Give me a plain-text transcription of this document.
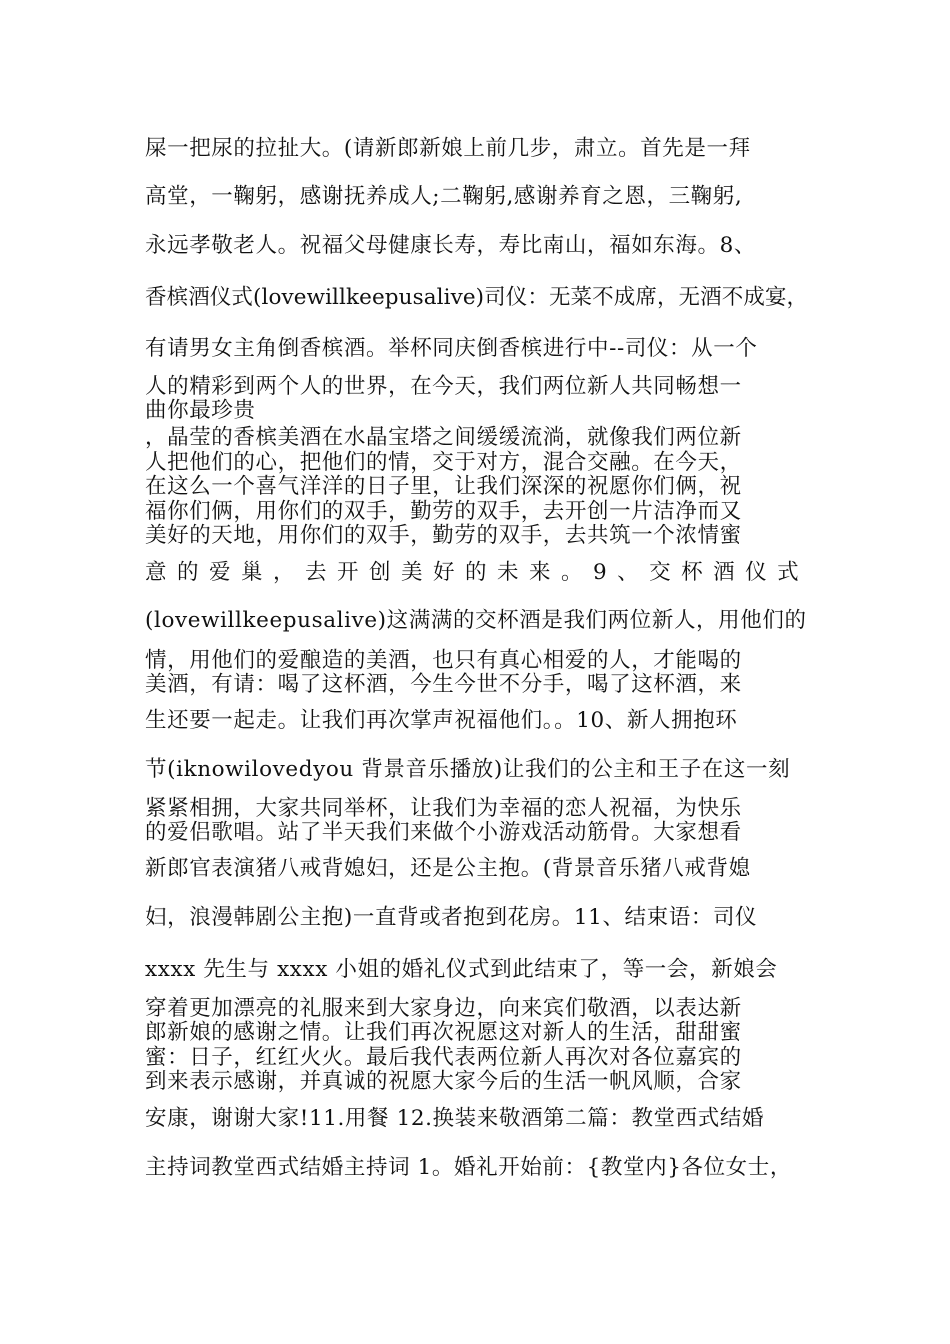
屎一把尿的拉扯大。(请新郎新娘上前几步，肃立。首先是一拜
高堂，一鞠躬，感谢抚养成人;二鞠躬,感谢养育之恩，三鞠躬,
永远孝敬老人。祝福父母健康长寿，寿比南山，福如东海。8、
香槟酒仪式(lovewillkeepusalive)司仪：无菜不成席，无酒不成宴，
有请男女主角倒香槟酒。举杯同庆倒香槟进行中--司仪：从一个
人的精彩到两个人的世界，在今天，我们两位新人共同畅想一
曲你最珍贵
，晶莹的香槟美酒在水晶宝塔之间缓缓流淌，就像我们两位新
人把他们的心，把他们的情，交于对方，混合交融。在今天，
在这么一个喜气洋洋的日子里，让我们深深的祝愿你们俩，祝
福你们俩，用你们的双手，勤劳的双手，去开创一片洁净而又
美好的天地，用你们的双手，勤劳的双手，去共筑一个浓情蜜
意的爱巢，去开创美好的未来。9、交杯酒仪式
(lovewillkeepusalive)这满满的交杯酒是我们两位新人，用他们的
情，用他们的爱酿造的美酒，也只有真心相爱的人，才能喝的
美酒，有请：喝了这杯酒，今生今世不分手，喝了这杯酒，来
生还要一起走。让我们再次掌声祝福他们。。10、新人拥抱环
节(iknowilovedyou 背景音乐播放)让我们的公主和王子在这一刻
紧紧相拥，大家共同举杯，让我们为幸福的恋人祝福，为快乐
的爱侣歌唱。站了半天我们来做个小游戏活动筋骨。大家想看
新郎官表演猪八戒背媳妇，还是公主抱。(背景音乐猪八戒背媳
妇，浪漫韩剧公主抱)一直背或者抱到花房。11、结束语：司仪
xxxx 先生与 xxxx 小姐的婚礼仪式到此结束了，等一会，新娘会
穿着更加漂亮的礼服来到大家身边，向来宾们敬酒，以表达新
郎新娘的感谢之情。让我们再次祝愿这对新人的生活，甜甜蜜
蜜：日子，红红火火。最后我代表两位新人再次对各位嘉宾的
到来表示感谢，并真诚的祝愿大家今后的生活一帆风顺，合家
安康，谢谢大家!11.用餐 12.换装来敬酒第二篇：教堂西式结婚
主持词教堂西式结婚主持词 1。婚礼开始前：{教堂内}各位女士，
